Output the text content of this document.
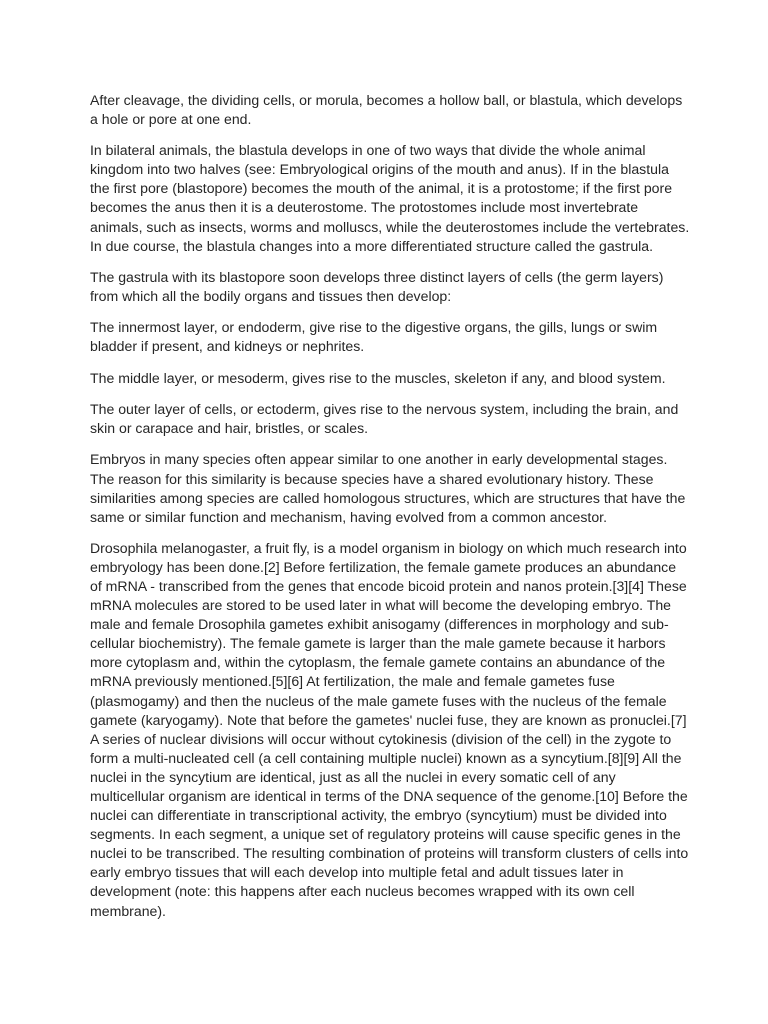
After cleavage, the dividing cells, or morula, becomes a hollow ball, or blastula, which develops
a hole or pore at one end.

In bilateral animals, the blastula develops in one of two ways that divide the whole animal
kingdom into two halves (see: Embryological origins of the mouth and anus). If in the blastula
the first pore (blastopore) becomes the mouth of the animal, it is a protostome; if the first pore
becomes the anus then it is a deuterostome. The protostomes include most invertebrate
animals, such as insects, worms and molluscs, while the deuterostomes include the vertebrates.
In due course, the blastula changes into a more differentiated structure called the gastrula.

The gastrula with its blastopore soon develops three distinct layers of cells (the germ layers)
from which all the bodily organs and tissues then develop:

The innermost layer, or endoderm, give rise to the digestive organs, the gills, lungs or swim
bladder if present, and kidneys or nephrites.

The middle layer, or mesoderm, gives rise to the muscles, skeleton if any, and blood system.

The outer layer of cells, or ectoderm, gives rise to the nervous system, including the brain, and
skin or carapace and hair, bristles, or scales.

Embryos in many species often appear similar to one another in early developmental stages.
The reason for this similarity is because species have a shared evolutionary history. These
similarities among species are called homologous structures, which are structures that have the
same or similar function and mechanism, having evolved from a common ancestor.

Drosophila melanogaster, a fruit fly, is a model organism in biology on which much research into
embryology has been done.[2] Before fertilization, the female gamete produces an abundance
of mRNA - transcribed from the genes that encode bicoid protein and nanos protein.[3][4] These
mRNA molecules are stored to be used later in what will become the developing embryo. The
male and female Drosophila gametes exhibit anisogamy (differences in morphology and sub-
cellular biochemistry). The female gamete is larger than the male gamete because it harbors
more cytoplasm and, within the cytoplasm, the female gamete contains an abundance of the
mRNA previously mentioned.[5][6] At fertilization, the male and female gametes fuse
(plasmogamy) and then the nucleus of the male gamete fuses with the nucleus of the female
gamete (karyogamy). Note that before the gametes' nuclei fuse, they are known as pronuclei.[7]
A series of nuclear divisions will occur without cytokinesis (division of the cell) in the zygote to
form a multi-nucleated cell (a cell containing multiple nuclei) known as a syncytium.[8][9] All the
nuclei in the syncytium are identical, just as all the nuclei in every somatic cell of any
multicellular organism are identical in terms of the DNA sequence of the genome.[10] Before the
nuclei can differentiate in transcriptional activity, the embryo (syncytium) must be divided into
segments. In each segment, a unique set of regulatory proteins will cause specific genes in the
nuclei to be transcribed. The resulting combination of proteins will transform clusters of cells into
early embryo tissues that will each develop into multiple fetal and adult tissues later in
development (note: this happens after each nucleus becomes wrapped with its own cell
membrane).
